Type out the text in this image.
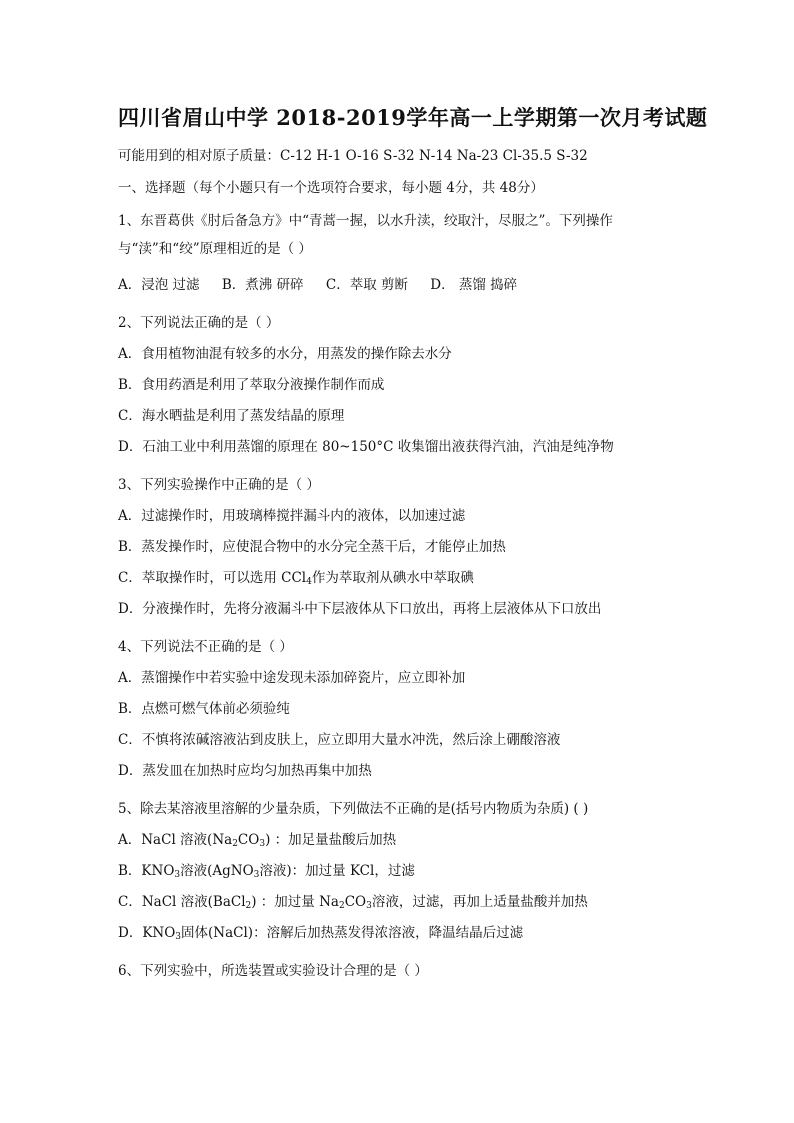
四川省眉山中学 2018-2019学年高一上学期第一次月考试题
可能用到的相对原子质量：C-12 H-1 O-16 S-32 N-14 Na-23 Cl-35.5 S-32
一、选择题（每个小题只有一个选项符合要求，每小题 4分，共 48分）
1、东晋葛供《肘后备急方》中“青蒿一握，以水升渎，绞取汁，尽服之”。下列操作与“渎”和“绞”原理相近的是（ ）
A．浸泡 过滤 B．煮沸 研碎 C．萃取 剪断 D． 蒸馏 捣碎
2、下列说法正确的是（ ）
A．食用植物油混有较多的水分，用蒸发的操作除去水分
B．食用药酒是利用了萃取分液操作制作而成
C．海水晒盐是利用了蒸发结晶的原理
D．石油工业中利用蒸馏的原理在 80~150°C 收集馏出液获得汽油，汽油是纯净物
3、下列实验操作中正确的是（ ）
A．过滤操作时，用玻璃棒搅拌漏斗内的液体，以加速过滤
B．蒸发操作时，应使混合物中的水分完全蒸干后，才能停止加热
C．萃取操作时，可以选用 CCl$_4$作为萃取剂从碘水中萃取碘
D．分液操作时，先将分液漏斗中下层液体从下口放出，再将上层液体从下口放出
4、下列说法不正确的是（ ）
A．蒸馏操作中若实验中途发现未添加碎瓷片，应立即补加
B．点燃可燃气体前必须验纯
C．不慎将浓碱溶液沾到皮肤上，应立即用大量水冲洗，然后涂上硼酸溶液
D．蒸发皿在加热时应均匀加热再集中加热
5、除去某溶液里溶解的少量杂质，下列做法不正确的是(括号内物质为杂质) ( )
A．NaCl 溶液$(Na_2CO_3)$ ：加足量盐酸后加热
B．$KNO_3$溶液(AgNO$_3$溶液)：加过量 KCl，过滤
C．NaCl 溶液(BaCl$_2$) ：加过量 $Na_2CO_3$溶液，过滤，再加上适量盐酸并加热
D．$KNO_3$固体(NaCl)：溶解后加热蒸发得浓溶液，降温结晶后过滤
6、下列实验中，所选装置或实验设计合理的是（ ）
